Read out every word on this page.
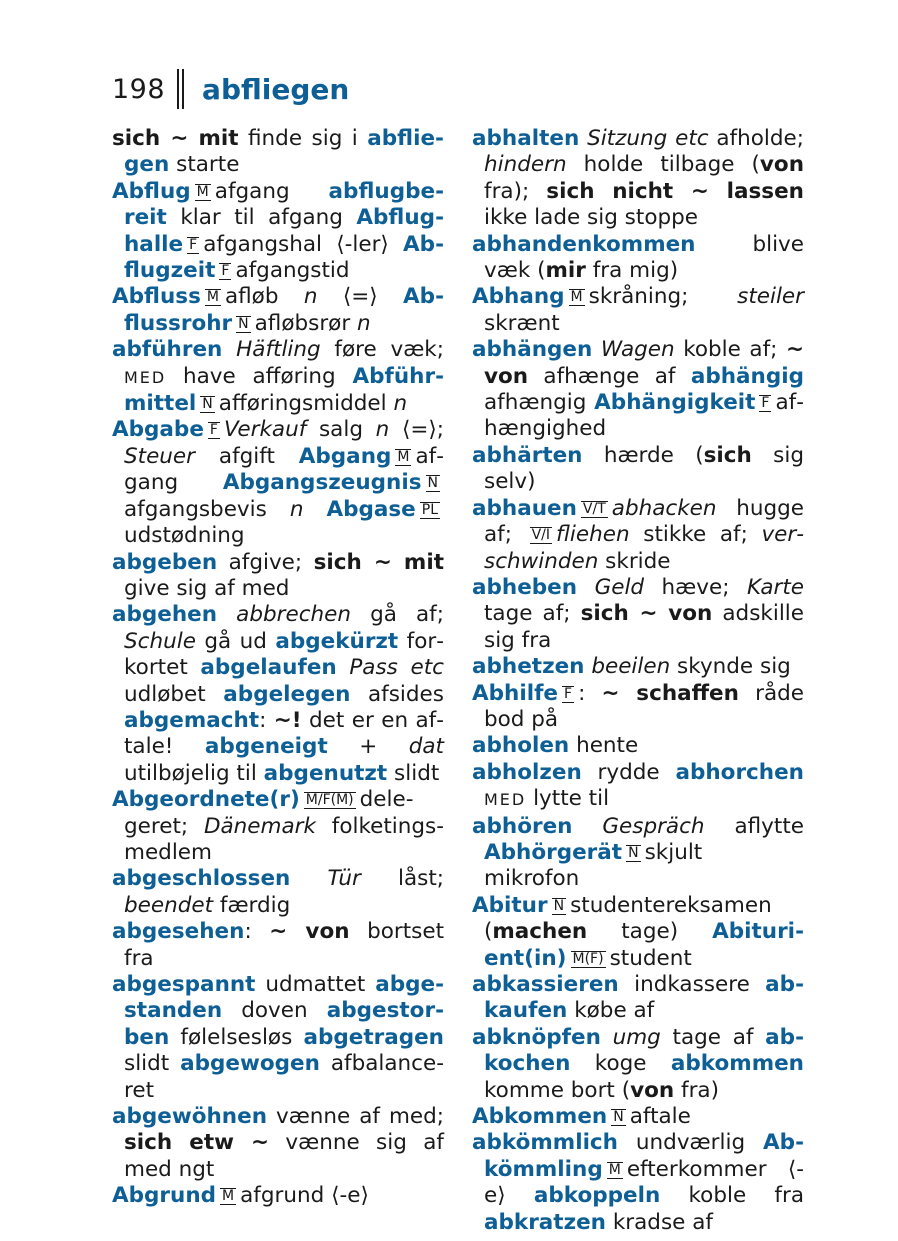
198 abfliegen
sich ~ mit finde sig i abfliegen starte
Abflug M afgang abflugbereit klar til afgang Abflughalle F afgangshal ⟨-ler⟩ Abflugzeit F afgangstid
Abfluss M afløb n ⟨=⟩ Abflussrohr N afløbsrør n
abführen Häftling føre væk; MED have afføring Abführmittel N afføringsmiddel n
Abgabe F Verkauf salg n ⟨=⟩; Steuer afgift Abgang M afgang Abgangszeugnis Nafgangsbevis n Abgase PLudstødning
abgeben afgive; sich ~ mit give sig af med
abgehen abbrechen gå af; Schule gå ud abgekürzt forkortet abgelaufen Pass etc udløbet abgelegen afsides abgemacht: ~! det er en aftale! abgeneigt + dat utilbøjelig til abgenutzt slidt
Abgeordnete(r) M/F(M) delegeret; Dänemark folketingsmedlem
abgeschlossen Tür låst; beendet færdig
abgesehen: ~ von bortset fra
abgespannt udmattet abgestanden doven abgestorben følelsesløs abgetragen slidt abgewogen afbalanceret
abgewöhnen vænne af med; sich etw ~ vænne sig af med ngt
Abgrund M afgrund ⟨-e⟩
abhalten Sitzung etc afholde; hindern holde tilbage (von fra); sich nicht ~ lassen ikke lade sig stoppe
abhandenkommen blive væk (mir fra mig)
Abhang M skråning; steiler skrænt
abhängen Wagen koble af; ~ von afhænge af abhängig afhængig Abhängigkeit F afhængighed
abhärten hærde (sich sig selv)
abhauen V/T abhacken hugge af; V/I fliehen stikke af; verschwinden skride
abheben Geld hæve; Karte tage af; sich ~ von adskille sig fra
abhetzen beeilen skynde sig
Abhilfe F : ~ schaffen råde bod på
abholen hente
abholzen rydde abhorchen MED lytte til
abhören Gespräch aflytte Abhörgerät N skjult mikrofon
Abitur N studentereksamen (machen tage) Abiturient(in) M(F) student
abkassieren indkassere abkaufen købe af
abknöpfen umg tage af abkochen koge abkommen komme bort (von fra)
Abkommen N aftale
abkömmlich undværlig Abkömmling M efterkommer ⟨-e⟩ abkoppeln koble fra abkratzen kradse af
